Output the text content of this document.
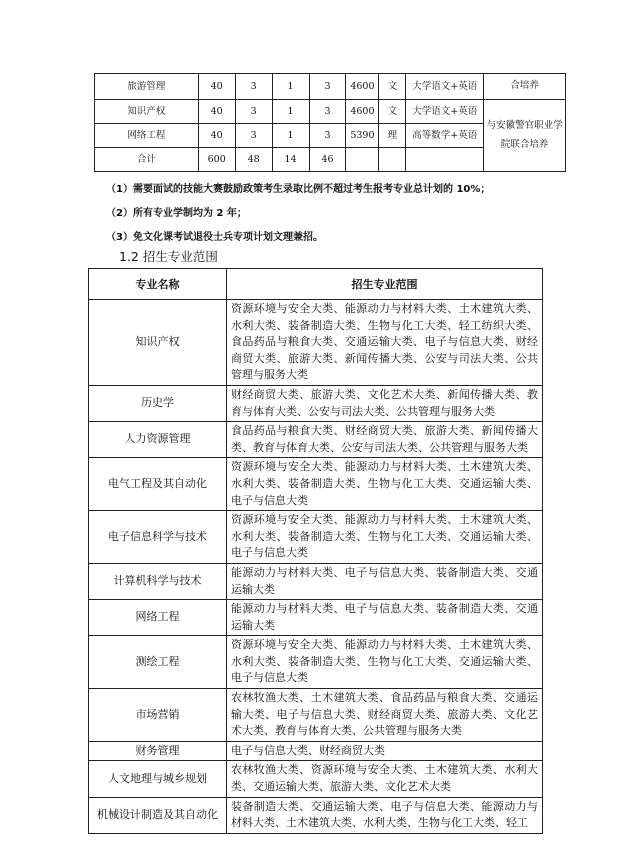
旅游管理	40	3	1	3	4600	文	大学语文+英语	合培养
知识产权	40	3	1	3	4600	文	大学语文+英语	与安徽警官职业学院联合培养
网络工程	40	3	1	3	5390	理	高等数学+英语	
合计	600	48	14	46				
（1）需要面试的技能大赛鼓励政策考生录取比例不超过考生报考专业总计划的 10%；
（2）所有专业学制均为 2 年；
（3）免文化课考试退役士兵专项计划文理兼招。
1.2 招生专业范围
专业名称	招生专业范围
知识产权	资源环境与安全大类、能源动力与材料大类、土木建筑大类、水利大类、装备制造大类、生物与化工大类、轻工纺织大类、食品药品与粮食大类、交通运输大类、电子与信息大类、财经商贸大类、旅游大类、新闻传播大类、公安与司法大类、公共管理与服务大类
历史学	财经商贸大类、旅游大类、文化艺术大类、新闻传播大类、教育与体育大类、公安与司法大类、公共管理与服务大类
人力资源管理	食品药品与粮食大类、财经商贸大类、旅游大类、新闻传播大类、教育与体育大类、公安与司法大类、公共管理与服务大类
电气工程及其自动化	资源环境与安全大类、能源动力与材料大类、土木建筑大类、水利大类、装备制造大类、生物与化工大类、交通运输大类、电子与信息大类
电子信息科学与技术	资源环境与安全大类、能源动力与材料大类、土木建筑大类、水利大类、装备制造大类、生物与化工大类、交通运输大类、电子与信息大类
计算机科学与技术	能源动力与材料大类、电子与信息大类、装备制造大类、交通运输大类
网络工程	能源动力与材料大类、电子与信息大类、装备制造大类、交通运输大类
测绘工程	资源环境与安全大类、能源动力与材料大类、土木建筑大类、水利大类、装备制造大类、生物与化工大类、交通运输大类、电子与信息大类
市场营销	农林牧渔大类、土木建筑大类、食品药品与粮食大类、交通运输大类、电子与信息大类、财经商贸大类、旅游大类、文化艺术大类、教育与体育大类、公共管理与服务大类
财务管理	电子与信息大类、财经商贸大类
人文地理与城乡规划	农林牧渔大类、资源环境与安全大类、土木建筑大类、水利大类、交通运输大类、旅游大类、文化艺术大类
机械设计制造及其自动化	装备制造大类、交通运输大类、电子与信息大类、能源动力与材料大类、土木建筑大类、水利大类、生物与化工大类、轻工
